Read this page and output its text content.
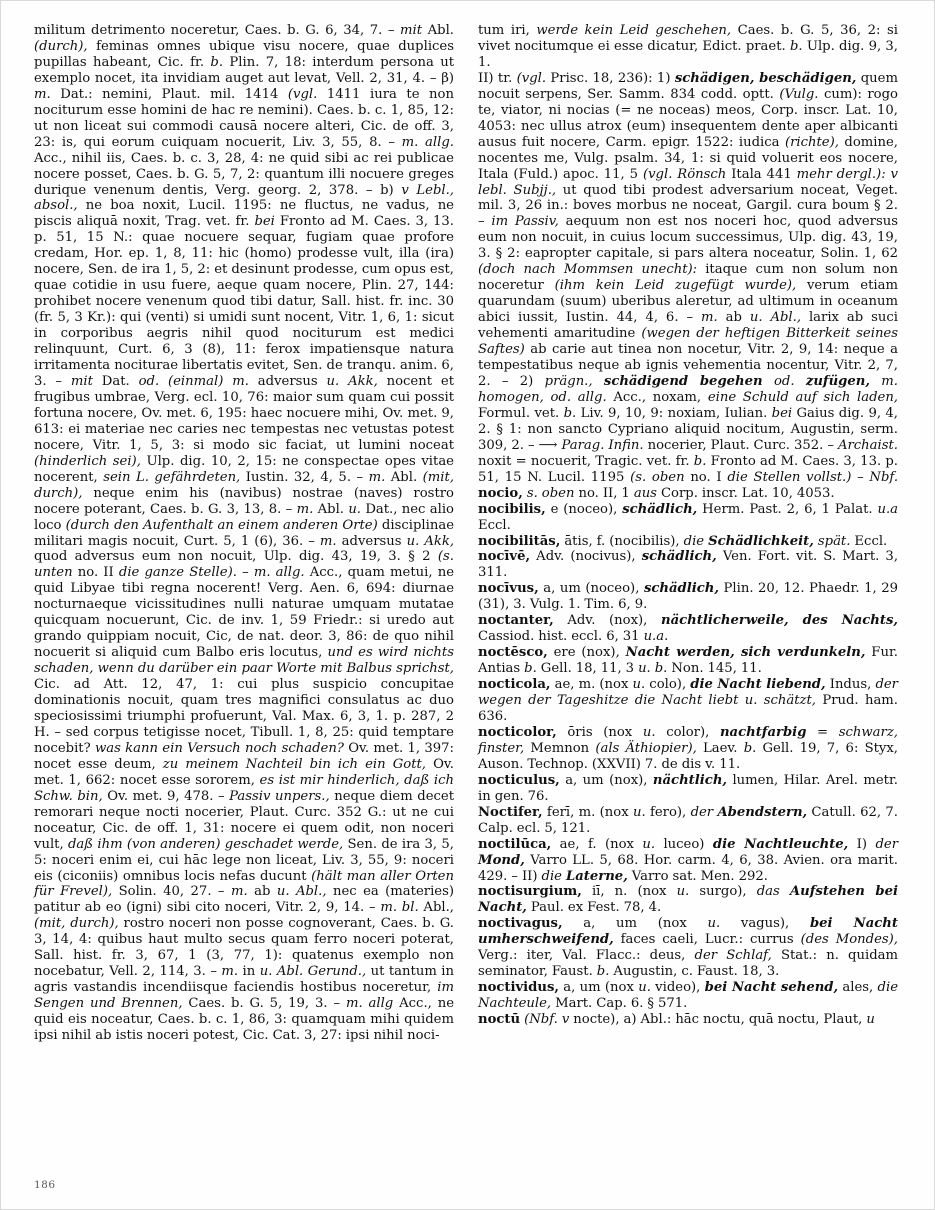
militum detrimento noceretur, Caes. b. G. 6, 34, 7. – mit Abl. (durch), feminas omnes ubique visu nocere, quae duplices pupillas habeant, Cic. fr. b. Plin. 7, 18: interdum persona ut exemplo nocet, ita invidiam auget aut levat, Vell. 2, 31, 4. – β) m. Dat.: nemini, Plaut. mil. 1414 (vgl. 1411 iura te non nociturum esse homini de hac re nemini). Caes. b. c. 1, 85, 12: ut non liceat sui commodi causā nocere alteri, Cic. de off. 3, 23: is, qui eorum cuiquam nocuerit, Liv. 3, 55, 8. – m. allg. Acc., nihil iis, Caes. b. c. 3, 28, 4: ne quid sibi ac rei publicae nocere posset, Caes. b. G. 5, 7, 2: quantum illi nocuere greges durique venenum dentis, Verg. georg. 2, 378. – b) v Lebl., absol., ne boa noxit, Lucil. 1195: ne fluctus, ne vadus, ne piscis aliquā noxit, Trag. vet. fr. bei Fronto ad M. Caes. 3, 13. p. 51, 15 N.: quae nocuere sequar, fugiam quae profore credam, Hor. ep. 1, 8, 11: hic (homo) prodesse vult, illa (ira) nocere, Sen. de ira 1, 5, 2: et desinunt prodesse, cum opus est, quae cotidie in usu fuere, aeque quam nocere, Plin. 27, 144: prohibet nocere venenum quod tibi datur, Sall. hist. fr. inc. 30 (fr. 5, 3 Kr.): qui (venti) si umidi sunt nocent, Vitr. 1, 6, 1: sicut in corporibus aegris nihil quod nociturum est medici relinquunt, Curt. 6, 3 (8), 11: ferox impatiensque natura irritamenta nociturae libertatis evitet, Sen. de tranqu. anim. 6, 3. – mit Dat. od. (einmal) m. adversus u. Akk, nocent et frugibus umbrae, Verg. ecl. 10, 76: maior sum quam cui possit fortuna nocere, Ov. met. 6, 195: haec nocuere mihi, Ov. met. 9, 613: ei materiae nec caries nec tempestas nec vetustas potest nocere, Vitr. 1, 5, 3: si modo sic faciat, ut lumini noceat (hinderlich sei), Ulp. dig. 10, 2, 15: ne conspectae opes vitae nocerent, sein L. gefährdeten, Iustin. 32, 4, 5. – m. Abl. (mit, durch), neque enim his (navibus) nostrae (naves) rostro nocere poterant, Caes. b. G. 3, 13, 8. – m. Abl. u. Dat., nec alio loco (durch den Aufenthalt an einem anderen Orte) disciplinae militari magis nocuit, Curt. 5, 1 (6), 36. – m. adversus u. Akk, quod adversus eum non nocuit, Ulp. dig. 43, 19, 3. § 2 (s. unten no. II die ganze Stelle). – m. allg. Acc., quam metui, ne quid Libyae tibi regna nocerent! Verg. Aen. 6, 694: diurnae nocturnaeque vicissitudines nulli naturae umquam mutatae quicquam nocuerunt, Cic. de inv. 1, 59 Friedr.: si uredo aut grando quippiam nocuit, Cic, de nat. deor. 3, 86: de quo nihil nocuerit si aliquid cum Balbo eris locutus, und es wird nichts schaden, wenn du darüber ein paar Worte mit Balbus sprichst, Cic. ad Att. 12, 47, 1: cui plus suspicio concupitae dominationis nocuit, quam tres magnifici consulatus ac duo speciosissimi triumphi profuerunt, Val. Max. 6, 3, 1. p. 287, 2 H. – sed corpus tetigisse nocet, Tibull. 1, 8, 25: quid temptare nocebit? was kann ein Versuch noch schaden? Ov. met. 1, 397: nocet esse deum, zu meinem Nachteil bin ich ein Gott, Ov. met. 1, 662: nocet esse sororem, es ist mir hinderlich, daß ich Schw. bin, Ov. met. 9, 478. – Passiv unpers., neque diem decet remorari neque nocti nocerier, Plaut. Curc. 352 G.: ut ne cui noceatur, Cic. de off. 1, 31: nocere ei quem odit, non noceri vult, daß ihm (von anderen) geschadet werde, Sen. de ira 3, 5, 5: noceri enim ei, cui hāc lege non liceat, Liv. 3, 55, 9: noceri eis (ciconiis) omnibus locis nefas ducunt (hält man aller Orten für Frevel), Solin. 40, 27. – m. ab u. Abl., nec ea (materies) patitur ab eo (igni) sibi cito noceri, Vitr. 2, 9, 14. – m. bl. Abl., (mit, durch), rostro noceri non posse cognoverant, Caes. b. G. 3, 14, 4: quibus haut multo secus quam ferro noceri poterat, Sall. hist. fr. 3, 67, 1 (3, 77, 1): quatenus exemplo non nocebatur, Vell. 2, 114, 3. – m. in u. Abl. Gerund., ut tantum in agris vastandis incendiisque faciendis hostibus noceretur, im Sengen und Brennen, Caes. b. G. 5, 19, 3. – m. allg Acc., ne quid eis noceatur, Caes. b. c. 1, 86, 3: quamquam mihi quidem ipsi nihil ab istis noceri potest, Cic. Cat. 3, 27: ipsi nihil noci-
tum iri, werde kein Leid geschehen, Caes. b. G. 5, 36, 2: si vivet nocitumque ei esse dicatur, Edict. praet. b. Ulp. dig. 9, 3, 1.
II) tr. (vgl. Prisc. 18, 236): 1) schädigen, beschädigen, quem nocuit serpens, Ser. Samm. 834 codd. optt. (Vulg. cum): rogo te, viator, ni nocias (= ne noceas) meos, Corp. inscr. Lat. 10, 4053: nec ullus atrox (eum) insequentem dente aper albicanti ausus fuit nocere, Carm. epigr. 1522: iudica (richte), domine, nocentes me, Vulg. psalm. 34, 1: si quid voluerit eos nocere, Itala (Fuld.) apoc. 11, 5 (vgl. Rönsch Itala 441 mehr dergl.): v lebl. Subjj., ut quod tibi prodest adversarium noceat, Veget. mil. 3, 26 in.: boves morbus ne noceat, Gargil. cura boum § 2. – im Passiv, aequum non est nos noceri hoc, quod adversus eum non nocuit, in cuius locum successimus, Ulp. dig. 43, 19, 3. § 2: eapropter capitale, si pars altera noceatur, Solin. 1, 62 (doch nach Mommsen unecht): itaque cum non solum non noceretur (ihm kein Leid zugefügt wurde), verum etiam quarundam (suum) uberibus aleretur, ad ultimum in oceanum abici iussit, Iustin. 44, 4, 6. – m. ab u. Abl., larix ab suci vehementi amaritudine (wegen der heftigen Bitterkeit seines Saftes) ab carie aut tinea non nocetur, Vitr. 2, 9, 14: neque a tempestatibus neque ab ignis vehementia nocentur, Vitr. 2, 7, 2. – 2) prägn., schädigend begehen od. zufügen, m. homogen, od. allg. Acc., noxam, eine Schuld auf sich laden, Formul. vet. b. Liv. 9, 10, 9: noxiam, Iulian. bei Gaius dig. 9, 4, 2. § 1: non sancto Cypriano aliquid nocitum, Augustin, serm. 309, 2. – ⟶ Parag. Infin. nocerier, Plaut. Curc. 352. – Archaist. noxit = nocuerit, Tragic. vet. fr. b. Fronto ad M. Caes. 3, 13. p. 51, 15 N. Lucil. 1195 (s. oben no. I die Stellen vollst.) – Nbf. nocio, s. oben no. II, 1 aus Corp. inscr. Lat. 10, 4053.
nocibilis, e (noceo), schädlich, Herm. Past. 2, 6, 1 Palat. u.a Eccl.
nocibilitās, ātis, f. (nocibilis), die Schädlichkeit, spät. Eccl.
nocīvē, Adv. (nocivus), schädlich, Ven. Fort. vit. S. Mart. 3, 311.
nocīvus, a, um (noceo), schädlich, Plin. 20, 12. Phaedr. 1, 29 (31), 3. Vulg. 1. Tim. 6, 9.
noctanter, Adv. (nox), nächtlicherweile, des Nachts, Cassiod. hist. eccl. 6, 31 u.a.
noctēsco, ere (nox), Nacht werden, sich verdunkeln, Fur. Antias b. Gell. 18, 11, 3 u. b. Non. 145, 11.
nocticola, ae, m. (nox u. colo), die Nacht liebend, Indus, der wegen der Tageshitze die Nacht liebt u. schätzt, Prud. ham. 636.
nocticolor, ōris (nox u. color), nachtfarbig = schwarz, finster, Memnon (als Äthiopier), Laev. b. Gell. 19, 7, 6: Styx, Auson. Technop. (XXVII) 7. de dis v. 11.
nocticulus, a, um (nox), nächtlich, lumen, Hilar. Arel. metr. in gen. 76.
Noctifer, ferī, m. (nox u. fero), der Abendstern, Catull. 62, 7. Calp. ecl. 5, 121.
noctilūca, ae, f. (nox u. luceo) die Nachtleuchte, I) der Mond, Varro LL. 5, 68. Hor. carm. 4, 6, 38. Avien. ora marit. 429. – II) die Laterne, Varro sat. Men. 292.
noctisurgium, iī, n. (nox u. surgo), das Aufstehen bei Nacht, Paul. ex Fest. 78, 4.
noctivagus, a, um (nox u. vagus), bei Nacht umherschweifend, faces caeli, Lucr.: currus (des Mondes), Verg.: iter, Val. Flacc.: deus, der Schlaf, Stat.: n. quidam seminator, Faust. b. Augustin, c. Faust. 18, 3.
noctividus, a, um (nox u. video), bei Nacht sehend, ales, die Nachteule, Mart. Cap. 6. § 571.
noctū (Nbf. v nocte), a) Abl.: hāc noctu, quā noctu, Plaut, u
186
